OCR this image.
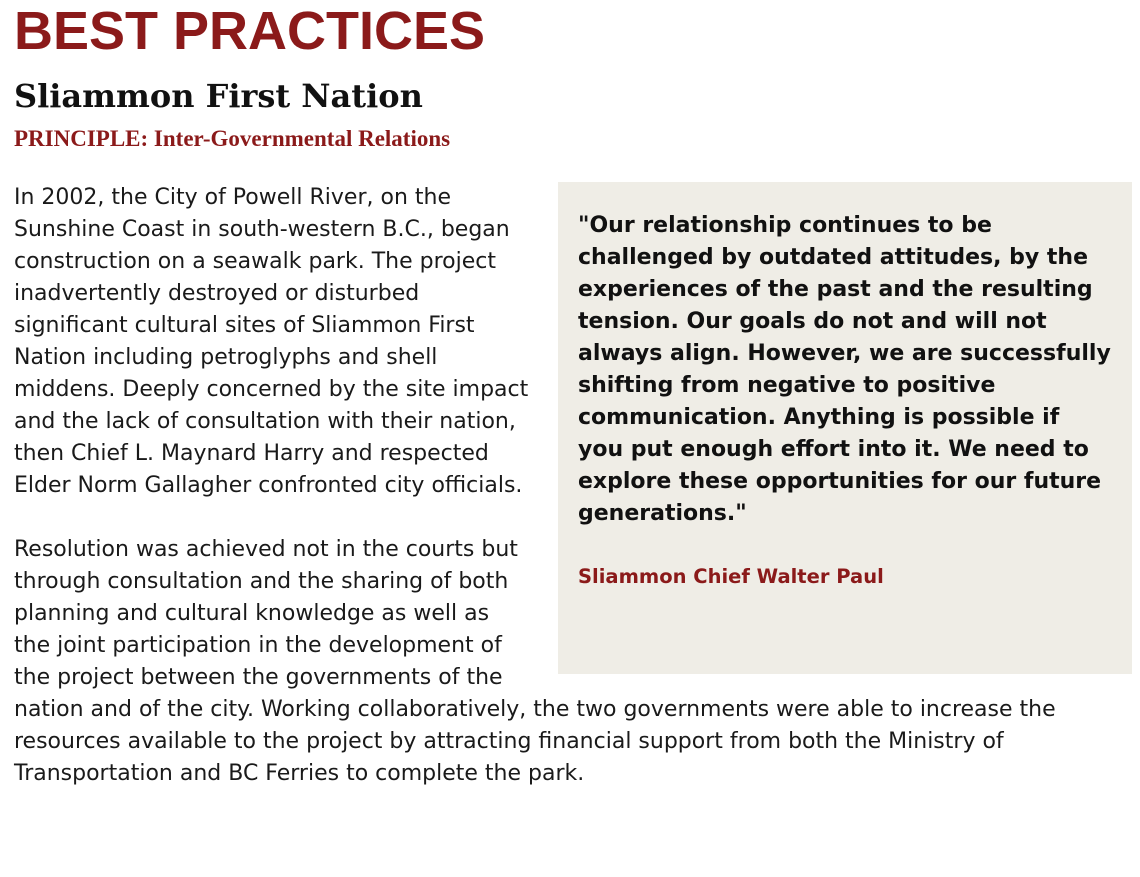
BEST PRACTICES
Sliammon First Nation
PRINCIPLE: Inter-Governmental Relations

"Our relationship continues to be challenged by outdated attitudes, by the experiences of the past and the resulting tension. Our goals do not and will not always align. However, we are successfully shifting from negative to positive communication. Anything is possible if you put enough effort into it. We need to explore these opportunities for our future generations."

Sliammon Chief Walter Paul

In 2002, the City of Powell River, on the Sunshine Coast in south-western B.C., began construction on a seawalk park. The project inadvertently destroyed or disturbed significant cultural sites of Sliammon First Nation including petroglyphs and shell middens. Deeply concerned by the site impact and the lack of consultation with their nation, then Chief L. Maynard Harry and respected Elder Norm Gallagher confronted city officials.

Resolution was achieved not in the courts but through consultation and the sharing of both planning and cultural knowledge as well as the joint participation in the development of the project between the governments of the nation and of the city. Working collaboratively, the two governments were able to increase the resources available to the project by attracting financial support from both the Ministry of Transportation and BC Ferries to complete the park.
